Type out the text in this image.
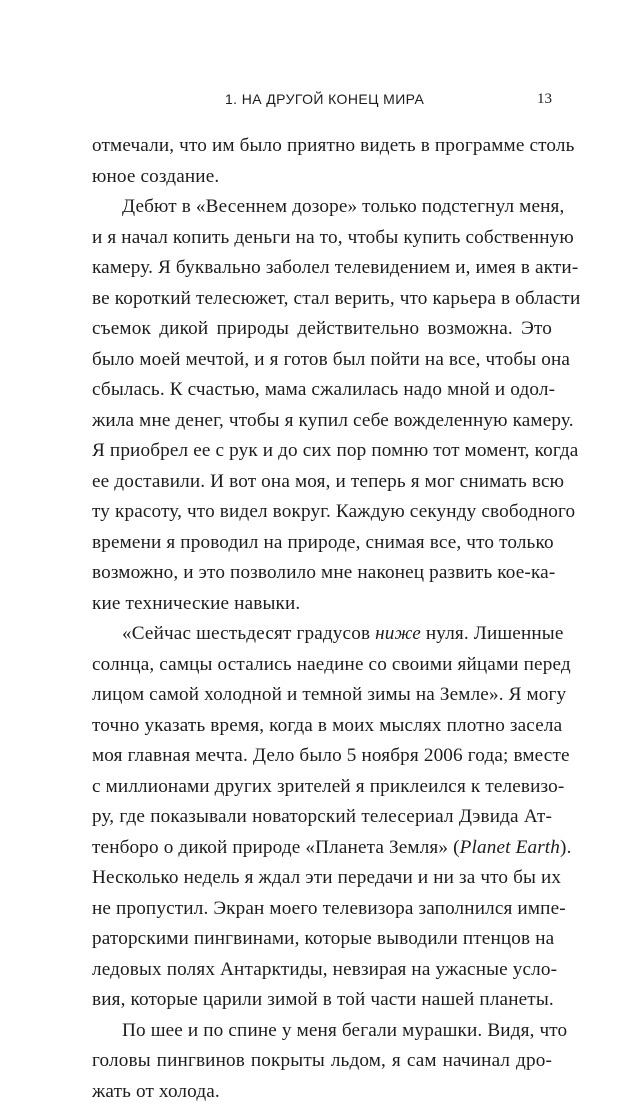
1. НА ДРУГОЙ КОНЕЦ МИРА	13
отмечали, что им было приятно видеть в программе столь
юное создание.
Дебют в «Весеннем дозоре» только подстегнул меня,
и я начал копить деньги на то, чтобы купить собственную
камеру. Я буквально заболел телевидением и, имея в акти-
ве короткий телесюжет, стал верить, что карьера в области
съемок дикой природы действительно возможна. Это
было моей мечтой, и я готов был пойти на все, чтобы она
сбылась. К счастью, мама сжалилась надо мной и одол-
жила мне денег, чтобы я купил себе вожделенную камеру.
Я приобрел ее с рук и до сих пор помню тот момент, когда
ее доставили. И вот она моя, и теперь я мог снимать всю
ту красоту, что видел вокруг. Каждую секунду свободного
времени я проводил на природе, снимая все, что только
возможно, и это позволило мне наконец развить кое-ка-
кие технические навыки.
«Сейчас шестьдесят градусов ниже нуля. Лишенные
солнца, самцы остались наедине со своими яйцами перед
лицом самой холодной и темной зимы на Земле». Я могу
точно указать время, когда в моих мыслях плотно засела
моя главная мечта. Дело было 5 ноября 2006 года; вместе
с миллионами других зрителей я приклеился к телевизо-
ру, где показывали новаторский телесериал Дэвида Ат-
тенборо о дикой природе «Планета Земля» (Planet Earth).
Несколько недель я ждал эти передачи и ни за что бы их
не пропустил. Экран моего телевизора заполнился импе-
раторскими пингвинами, которые выводили птенцов на
ледовых полях Антарктиды, невзирая на ужасные усло-
вия, которые царили зимой в той части нашей планеты.
По шее и по спине у меня бегали мурашки. Видя, что
головы пингвинов покрыты льдом, я сам начинал дро-
жать от холода.
